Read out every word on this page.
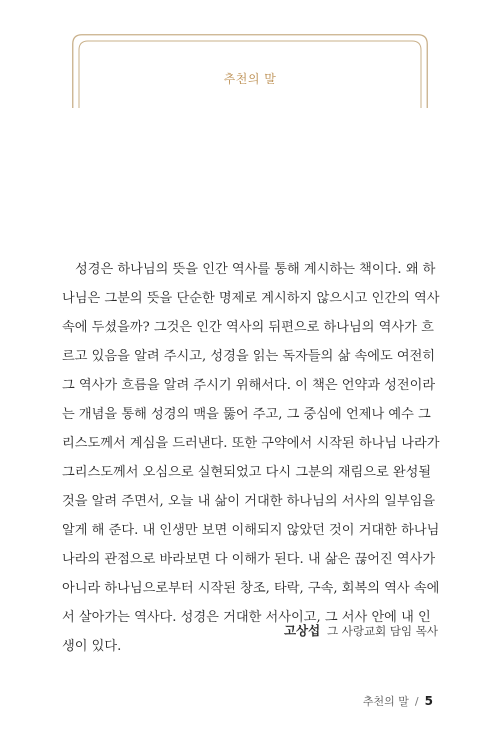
추천의 말

성경은 하나님의 뜻을 인간 역사를 통해 계시하는 책이다. 왜 하
나님은 그분의 뜻을 단순한 명제로 계시하지 않으시고 인간의 역사
속에 두셨을까? 그것은 인간 역사의 뒤편으로 하나님의 역사가 흐
르고 있음을 알려 주시고, 성경을 읽는 독자들의 삶 속에도 여전히
그 역사가 흐름을 알려 주시기 위해서다. 이 책은 언약과 성전이라
는 개념을 통해 성경의 맥을 뚫어 주고, 그 중심에 언제나 예수 그
리스도께서 계심을 드러낸다. 또한 구약에서 시작된 하나님 나라가
그리스도께서 오심으로 실현되었고 다시 그분의 재림으로 완성될
것을 알려 주면서, 오늘 내 삶이 거대한 하나님의 서사의 일부임을
알게 해 준다. 내 인생만 보면 이해되지 않았던 것이 거대한 하나님
나라의 관점으로 바라보면 다 이해가 된다. 내 삶은 끊어진 역사가
아니라 하나님으로부터 시작된 창조, 타락, 구속, 회복의 역사 속에
서 살아가는 역사다. 성경은 거대한 서사이고, 그 서사 안에 내 인
생이 있다.

고상섭 그 사랑교회 담임 목사
추천의 말 / 5
